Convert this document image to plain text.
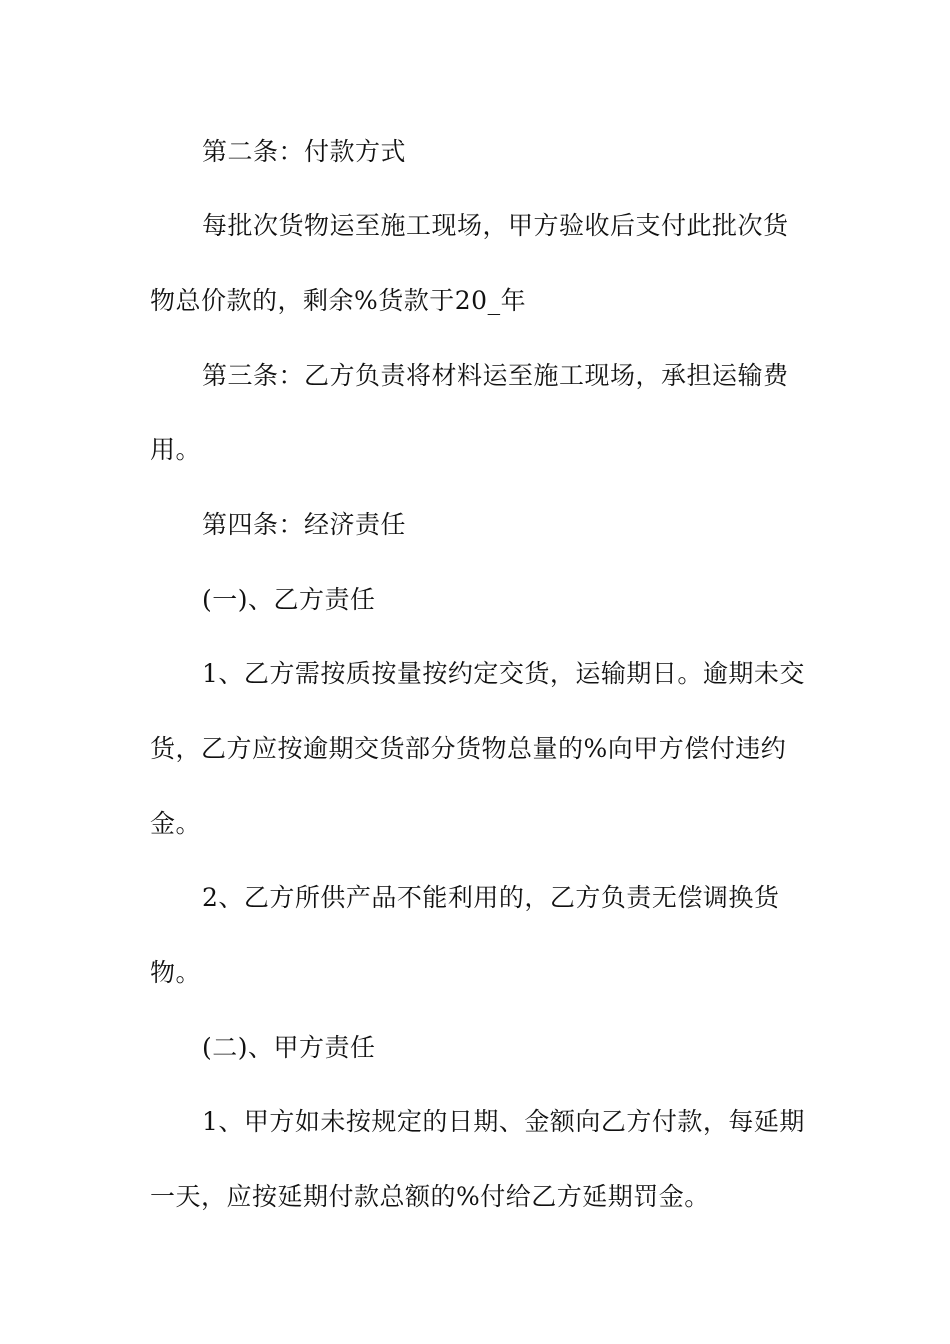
第二条：付款方式
每批次货物运至施工现场，甲方验收后支付此批次货
物总价款的，剩余%货款于20_年
第三条：乙方负责将材料运至施工现场，承担运输费
用。
第四条：经济责任
(一)、乙方责任
1、乙方需按质按量按约定交货，运输期日。逾期未交
货，乙方应按逾期交货部分货物总量的%向甲方偿付违约
金。
2、乙方所供产品不能利用的，乙方负责无偿调换货
物。
(二)、甲方责任
1、甲方如未按规定的日期、金额向乙方付款，每延期
一天，应按延期付款总额的%付给乙方延期罚金。
